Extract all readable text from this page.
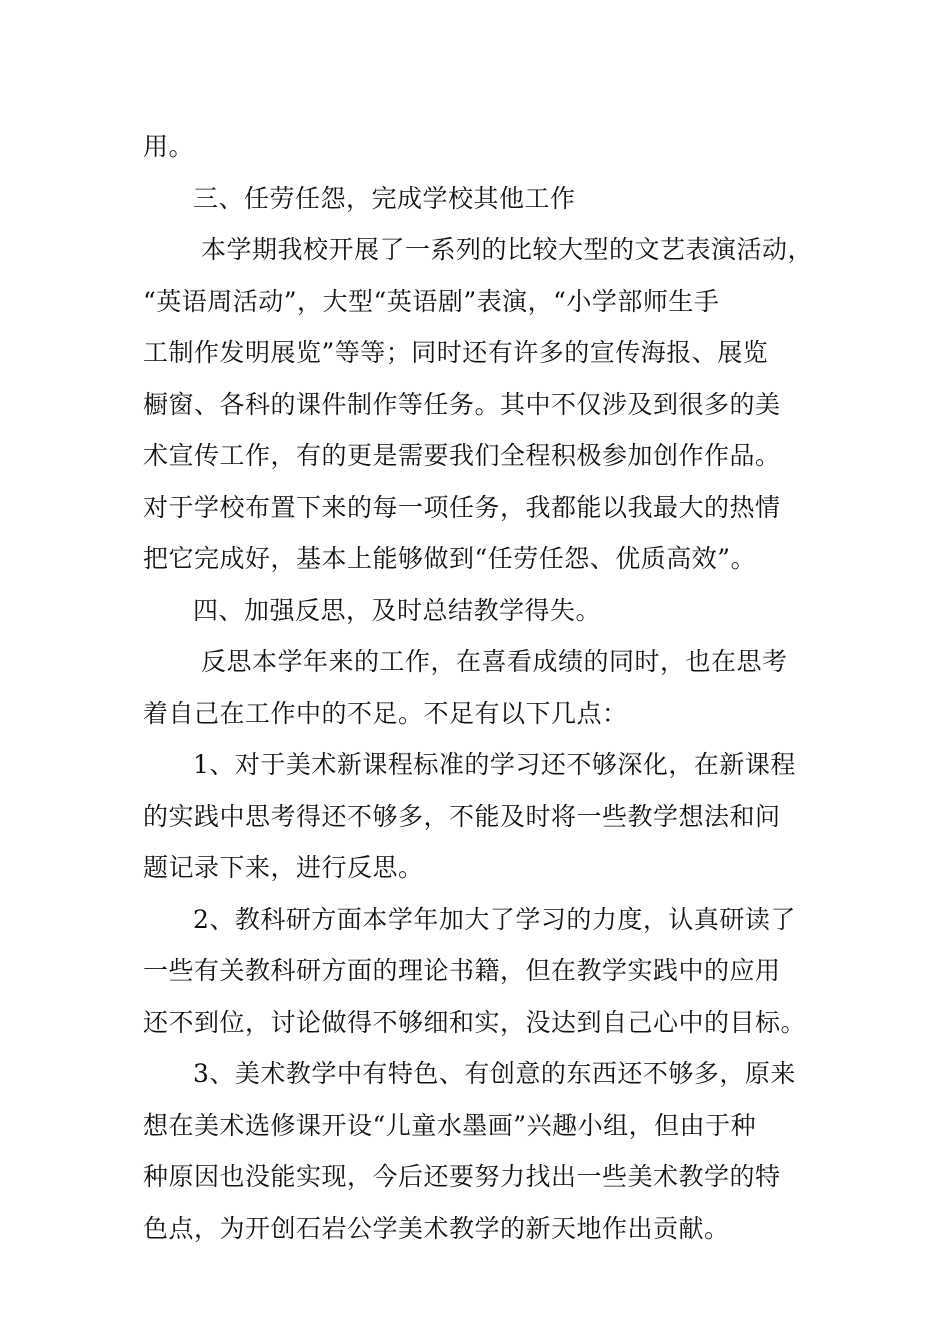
用。
三、任劳任怨，完成学校其他工作
本学期我校开展了一系列的比较大型的文艺表演活动，
“英语周活动”，大型“英语剧”表演，“小学部师生手
工制作发明展览”等等；同时还有许多的宣传海报、展览
橱窗、各科的课件制作等任务。其中不仅涉及到很多的美
术宣传工作，有的更是需要我们全程积极参加创作作品。
对于学校布置下来的每一项任务，我都能以我最大的热情
把它完成好，基本上能够做到“任劳任怨、优质高效”。
四、加强反思，及时总结教学得失。
反思本学年来的工作，在喜看成绩的同时，也在思考
着自己在工作中的不足。不足有以下几点：
1、对于美术新课程标准的学习还不够深化，在新课程
的实践中思考得还不够多，不能及时将一些教学想法和问
题记录下来，进行反思。
2、教科研方面本学年加大了学习的力度，认真研读了
一些有关教科研方面的理论书籍，但在教学实践中的应用
还不到位，讨论做得不够细和实，没达到自己心中的目标。
3、美术教学中有特色、有创意的东西还不够多，原来
想在美术选修课开设“儿童水墨画”兴趣小组，但由于种
种原因也没能实现，今后还要努力找出一些美术教学的特
色点，为开创石岩公学美术教学的新天地作出贡献。
